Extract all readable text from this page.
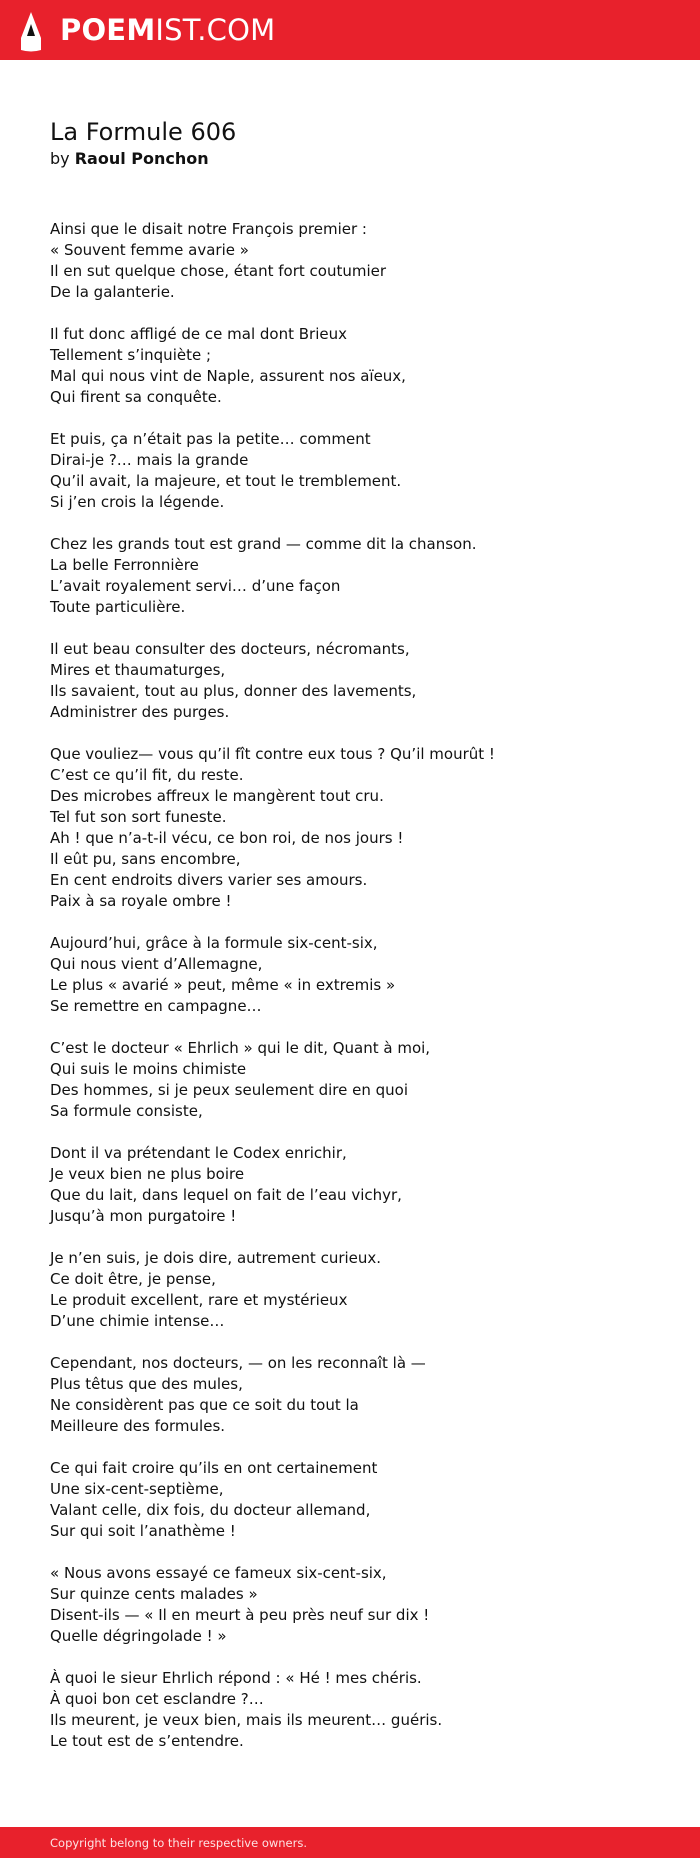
POEMIST.COM
La Formule 606
by Raoul Ponchon
Ainsi que le disait notre François premier :
« Souvent femme avarie »
Il en sut quelque chose, étant fort coutumier
De la galanterie.
Il fut donc affligé de ce mal dont Brieux
Tellement s’inquiète ;
Mal qui nous vint de Naple, assurent nos aïeux,
Qui firent sa conquête.
Et puis, ça n’était pas la petite… comment
Dirai-je ?… mais la grande
Qu’il avait, la majeure, et tout le tremblement.
Si j’en crois la légende.
Chez les grands tout est grand — comme dit la chanson.
La belle Ferronnière
L’avait royalement servi… d’une façon
Toute particulière.
Il eut beau consulter des docteurs, nécromants,
Mires et thaumaturges,
Ils savaient, tout au plus, donner des lavements,
Administrer des purges.
Que vouliez— vous qu’il fît contre eux tous ? Qu’il mourût !
C’est ce qu’il fit, du reste.
Des microbes affreux le mangèrent tout cru.
Tel fut son sort funeste.
Ah ! que n’a-t-il vécu, ce bon roi, de nos jours !
Il eût pu, sans encombre,
En cent endroits divers varier ses amours.
Paix à sa royale ombre !
Aujourd’hui, grâce à la formule six-cent-six,
Qui nous vient d’Allemagne,
Le plus « avarié » peut, même « in extremis »
Se remettre en campagne…
C’est le docteur « Ehrlich » qui le dit, Quant à moi,
Qui suis le moins chimiste
Des hommes, si je peux seulement dire en quoi
Sa formule consiste,
Dont il va prétendant le Codex enrichir,
Je veux bien ne plus boire
Que du lait, dans lequel on fait de l’eau vichyr,
Jusqu’à mon purgatoire !
Je n’en suis, je dois dire, autrement curieux.
Ce doit être, je pense,
Le produit excellent, rare et mystérieux
D’une chimie intense…
Cependant, nos docteurs, — on les reconnaît là —
Plus têtus que des mules,
Ne considèrent pas que ce soit du tout la
Meilleure des formules.
Ce qui fait croire qu’ils en ont certainement
Une six-cent-septième,
Valant celle, dix fois, du docteur allemand,
Sur qui soit l’anathème !
« Nous avons essayé ce fameux six-cent-six,
Sur quinze cents malades »
Disent-ils — « Il en meurt à peu près neuf sur dix !
Quelle dégringolade ! »
À quoi le sieur Ehrlich répond : « Hé ! mes chéris.
À quoi bon cet esclandre ?…
Ils meurent, je veux bien, mais ils meurent… guéris.
Le tout est de s’entendre.
Copyright belong to their respective owners.
